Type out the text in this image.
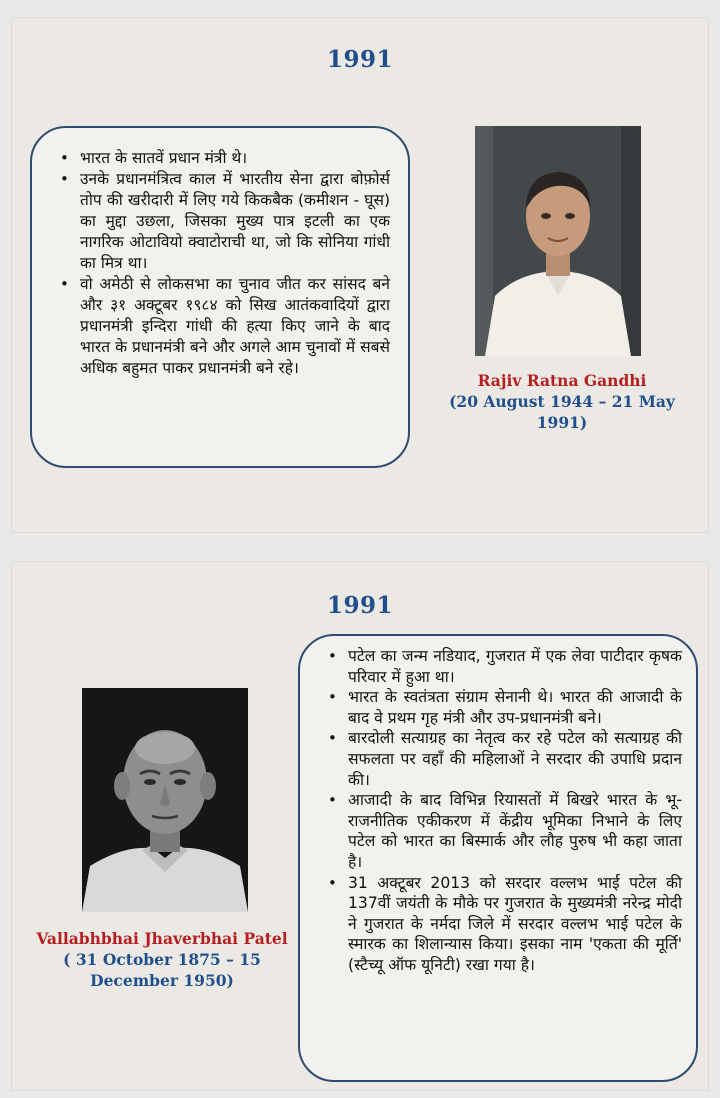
1991
• भारत के सातवें प्रधान मंत्री थे।
• उनके प्रधानमंत्रित्व काल में भारतीय सेना द्वारा बोफ़ोर्स तोप की खरीदारी में लिए गये किकबैक (कमीशन - घूस) का मुद्दा उछला, जिसका मुख्य पात्र इटली का एक नागरिक ओटावियो क्वाटोराची था, जो कि सोनिया गांधी का मित्र था।
• वो अमेठी से लोकसभा का चुनाव जीत कर सांसद बने और ३१ अक्टूबर १९८४ को सिख आतंकवादियों द्वारा प्रधानमंत्री इन्दिरा गांधी की हत्या किए जाने के बाद भारत के प्रधानमंत्री बने और अगले आम चुनावों में सबसे अधिक बहुमत पाकर प्रधानमंत्री बने रहे।
Rajiv Ratna Gandhi
(20 August 1944 – 21 May 1991)
1991
Vallabhbhai Jhaverbhai Patel
( 31 October 1875 – 15 December 1950)
• पटेल का जन्म नडियाद, गुजरात में एक लेवा पाटीदार कृषक परिवार में हुआ था।
• भारत के स्वतंत्रता संग्राम सेनानी थे। भारत की आजादी के बाद वे प्रथम गृह मंत्री और उप-प्रधानमंत्री बने।
• बारदोली सत्याग्रह का नेतृत्व कर रहे पटेल को सत्याग्रह की सफलता पर वहाँ की महिलाओं ने सरदार की उपाधि प्रदान की।
• आजादी के बाद विभिन्न रियासतों में बिखरे भारत के भू-राजनीतिक एकीकरण में केंद्रीय भूमिका निभाने के लिए पटेल को भारत का बिस्मार्क और लौह पुरुष भी कहा जाता है।
• 31 अक्टूबर 2013 को सरदार वल्लभ भाई पटेल की 137वीं जयंती के मौके पर गुजरात के मुख्यमंत्री नरेन्द्र मोदी ने गुजरात के नर्मदा जिले में सरदार वल्लभ भाई पटेल के स्मारक का शिलान्यास किया। इसका नाम 'एकता की मूर्ति' (स्टैच्यू ऑफ यूनिटी) रखा गया है।
